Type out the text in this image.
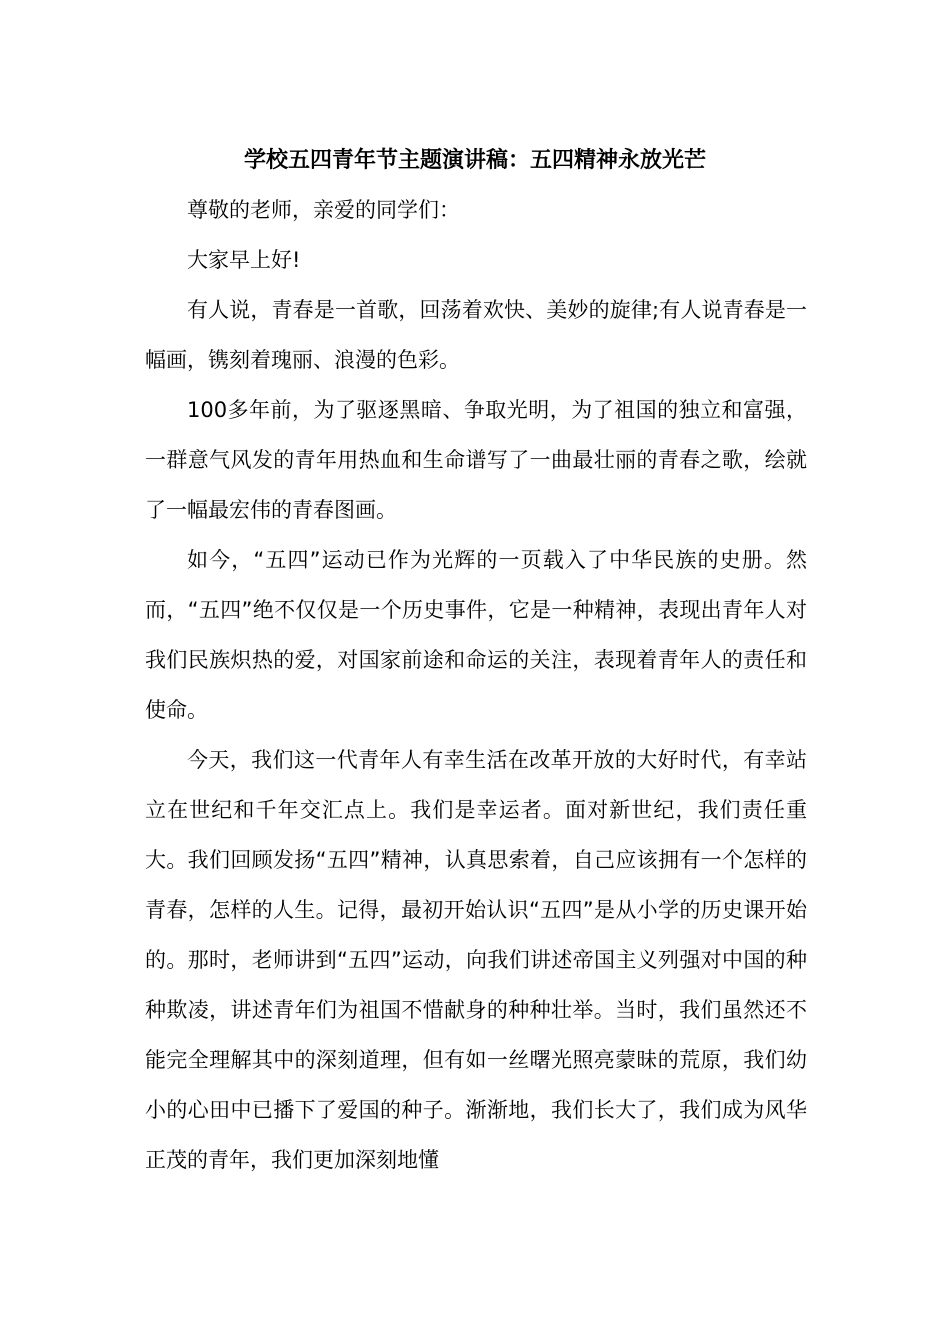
学校五四青年节主题演讲稿：五四精神永放光芒

尊敬的老师，亲爱的同学们：

大家早上好!

有人说，青春是一首歌，回荡着欢快、美妙的旋律;有人说青春是一幅画，镌刻着瑰丽、浪漫的色彩。

100多年前，为了驱逐黑暗、争取光明，为了祖国的独立和富强，一群意气风发的青年用热血和生命谱写了一曲最壮丽的青春之歌，绘就了一幅最宏伟的青春图画。

如今，“五四”运动已作为光辉的一页载入了中华民族的史册。然而，“五四”绝不仅仅是一个历史事件，它是一种精神，表现出青年人对我们民族炽热的爱，对国家前途和命运的关注，表现着青年人的责任和使命。

今天，我们这一代青年人有幸生活在改革开放的大好时代，有幸站立在世纪和千年交汇点上。我们是幸运者。面对新世纪，我们责任重大。我们回顾发扬“五四”精神，认真思索着，自己应该拥有一个怎样的青春，怎样的人生。记得，最初开始认识“五四”是从小学的历史课开始的。那时，老师讲到“五四”运动，向我们讲述帝国主义列强对中国的种种欺凌，讲述青年们为祖国不惜献身的种种壮举。当时，我们虽然还不能完全理解其中的深刻道理，但有如一丝曙光照亮蒙昧的荒原，我们幼小的心田中已播下了爱国的种子。渐渐地，我们长大了，我们成为风华正茂的青年，我们更加深刻地懂
